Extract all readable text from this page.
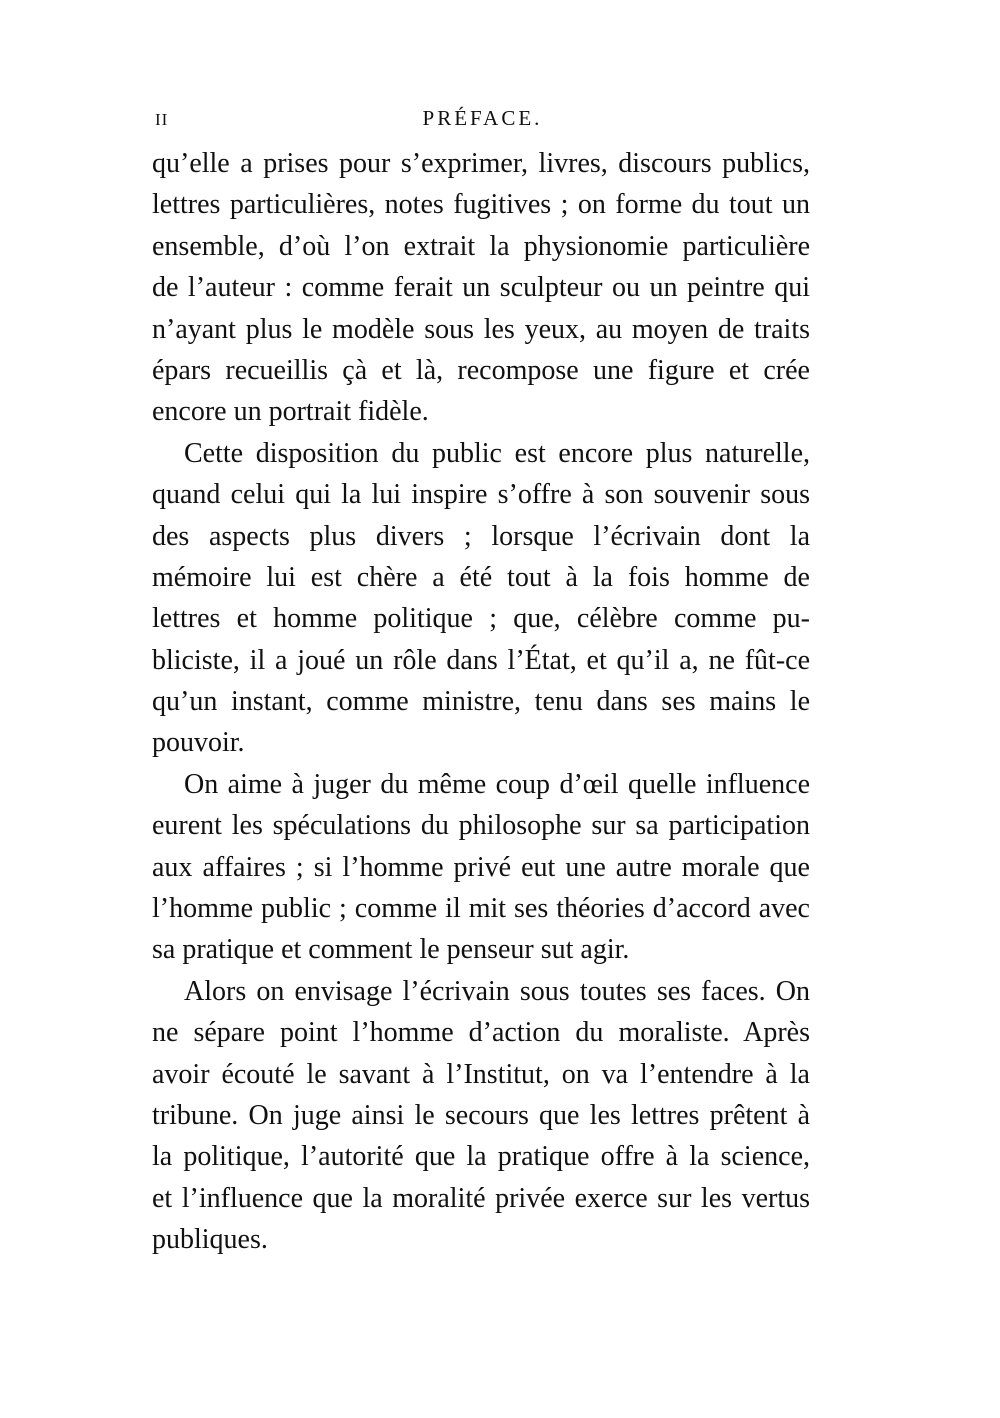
II	PRÉFACE.
qu’elle a prises pour s’exprimer, livres, discours publics,
lettres particulières, notes fugitives ; on forme du tout un
ensemble, d’où l’on extrait la physionomie particulière
de l’auteur : comme ferait un sculpteur ou un peintre qui
n’ayant plus le modèle sous les yeux, au moyen de traits
épars recueillis çà et là, recompose une figure et crée
encore un portrait fidèle.
Cette disposition du public est encore plus naturelle,
quand celui qui la lui inspire s’offre à son souvenir sous
des aspects plus divers ; lorsque l’écrivain dont la
mémoire lui est chère a été tout à la fois homme de
lettres et homme politique ; que, célèbre comme pu-
bliciste, il a joué un rôle dans l’État, et qu’il a, ne fût-ce
qu’un instant, comme ministre, tenu dans ses mains le
pouvoir.
On aime à juger du même coup d’œil quelle influence
eurent les spéculations du philosophe sur sa participation
aux affaires ; si l’homme privé eut une autre morale que
l’homme public ; comme il mit ses théories d’accord avec
sa pratique et comment le penseur sut agir.
Alors on envisage l’écrivain sous toutes ses faces. On
ne sépare point l’homme d’action du moraliste. Après
avoir écouté le savant à l’Institut, on va l’entendre à la
tribune. On juge ainsi le secours que les lettres prêtent à
la politique, l’autorité que la pratique offre à la science,
et l’influence que la moralité privée exerce sur les vertus
publiques.
